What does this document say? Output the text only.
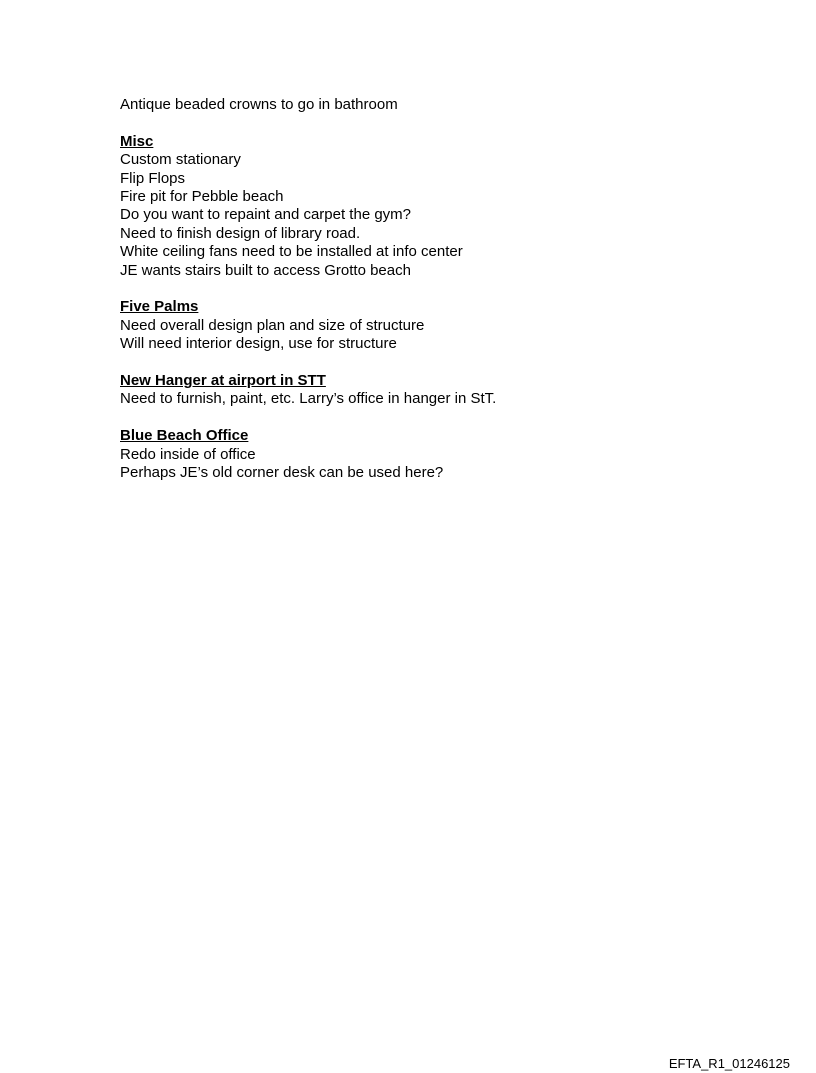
Antique beaded crowns to go in bathroom
Misc
Custom stationary
Flip Flops
Fire pit for Pebble beach
Do you want to repaint and carpet the gym?
Need to finish design of library road.
White ceiling fans need to be installed at info center
JE wants stairs built to access Grotto beach
Five Palms
Need overall design plan and size of structure
Will need interior design, use for structure
New Hanger at airport in STT
Need to furnish, paint, etc. Larry’s office in hanger in StT.
Blue Beach Office
Redo inside of office
Perhaps JE’s old corner desk can be used here?
EFTA_R1_01246125
